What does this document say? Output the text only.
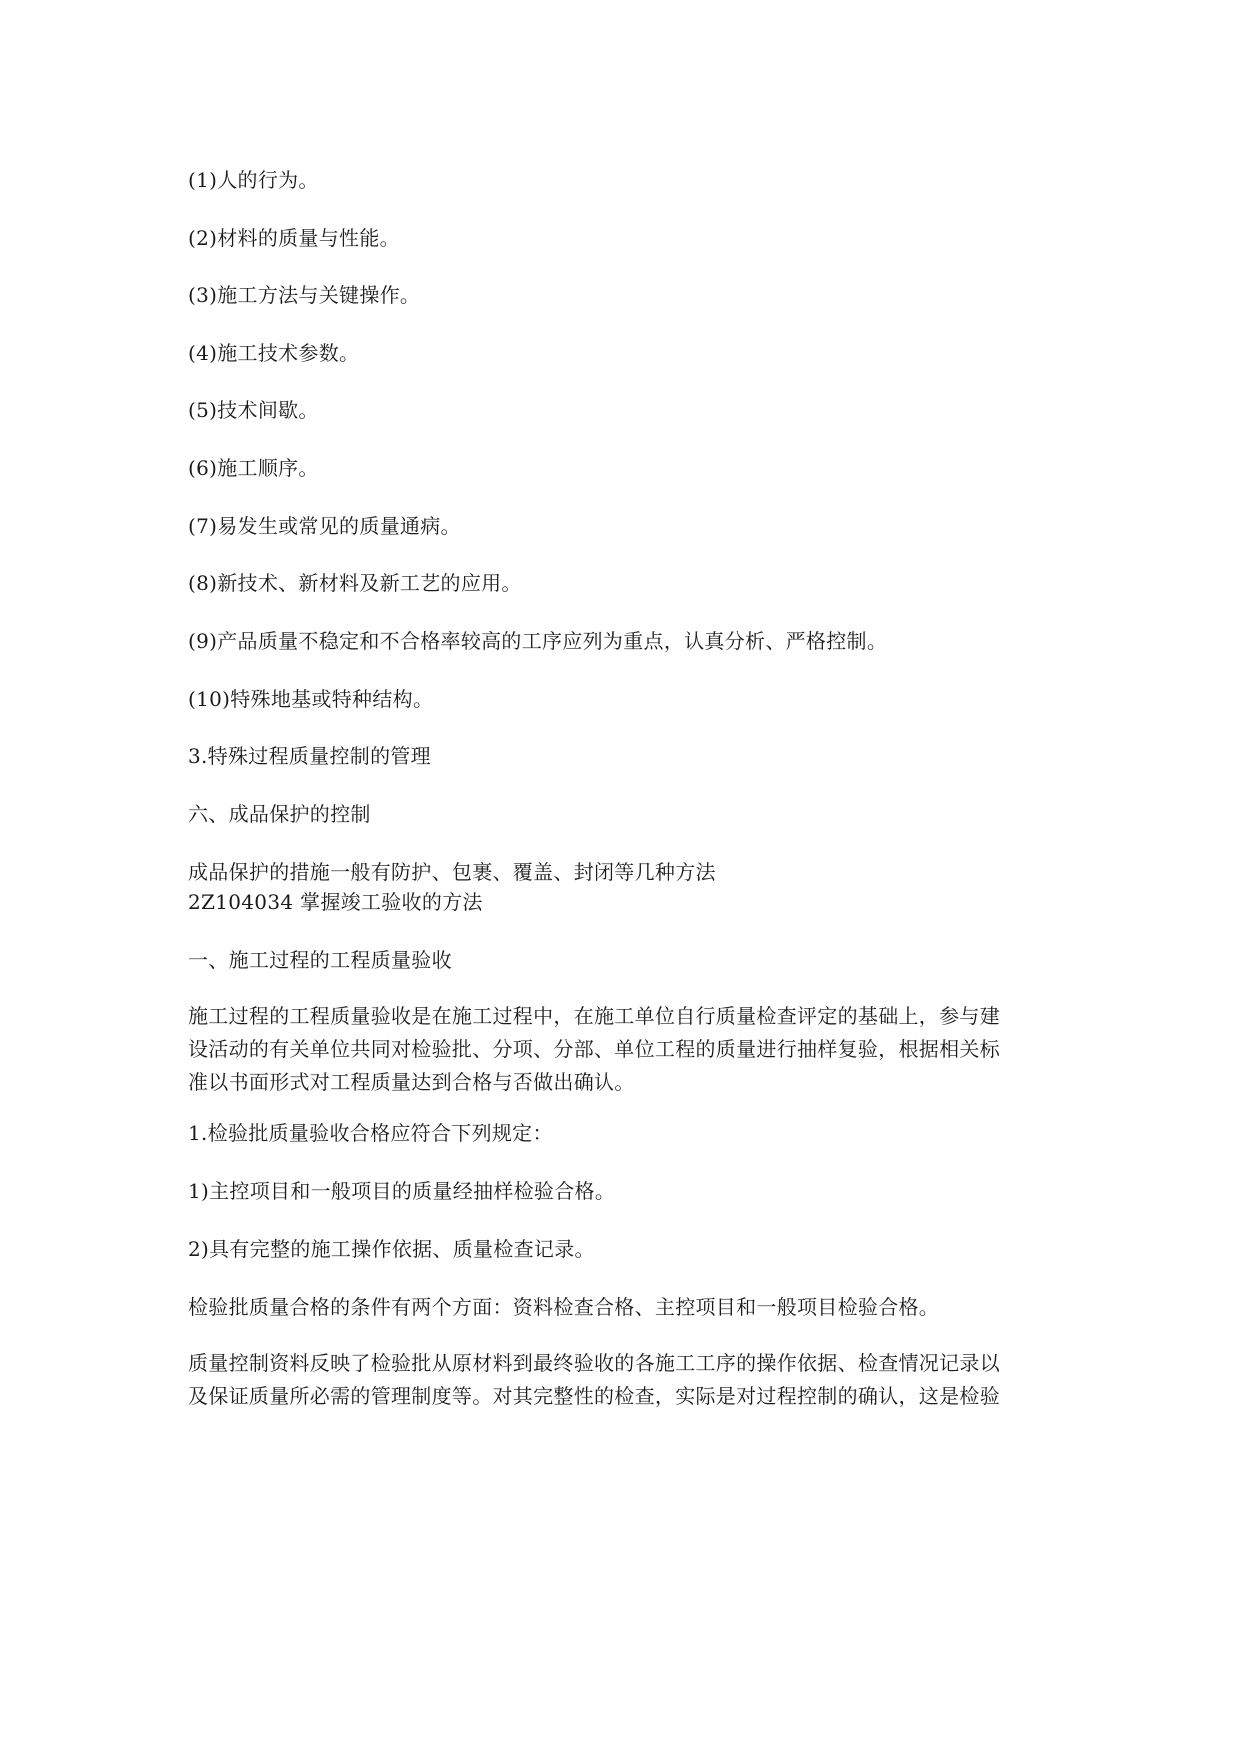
(1)人的行为。
(2)材料的质量与性能。
(3)施工方法与关键操作。
(4)施工技术参数。
(5)技术间歇。
(6)施工顺序。
(7)易发生或常见的质量通病。
(8)新技术、新材料及新工艺的应用。
(9)产品质量不稳定和不合格率较高的工序应列为重点，认真分析、严格控制。
(10)特殊地基或特种结构。
3.特殊过程质量控制的管理
六、成品保护的控制
成品保护的措施一般有防护、包裹、覆盖、封闭等几种方法
2Z104034 掌握竣工验收的方法
一、施工过程的工程质量验收
施工过程的工程质量验收是在施工过程中，在施工单位自行质量检查评定的基础上，参与建
设活动的有关单位共同对检验批、分项、分部、单位工程的质量进行抽样复验，根据相关标
准以书面形式对工程质量达到合格与否做出确认。
1.检验批质量验收合格应符合下列规定：
1)主控项目和一般项目的质量经抽样检验合格。
2)具有完整的施工操作依据、质量检查记录。
检验批质量合格的条件有两个方面：资料检查合格、主控项目和一般项目检验合格。
质量控制资料反映了检验批从原材料到最终验收的各施工工序的操作依据、检查情况记录以
及保证质量所必需的管理制度等。对其完整性的检查，实际是对过程控制的确认，这是检验
